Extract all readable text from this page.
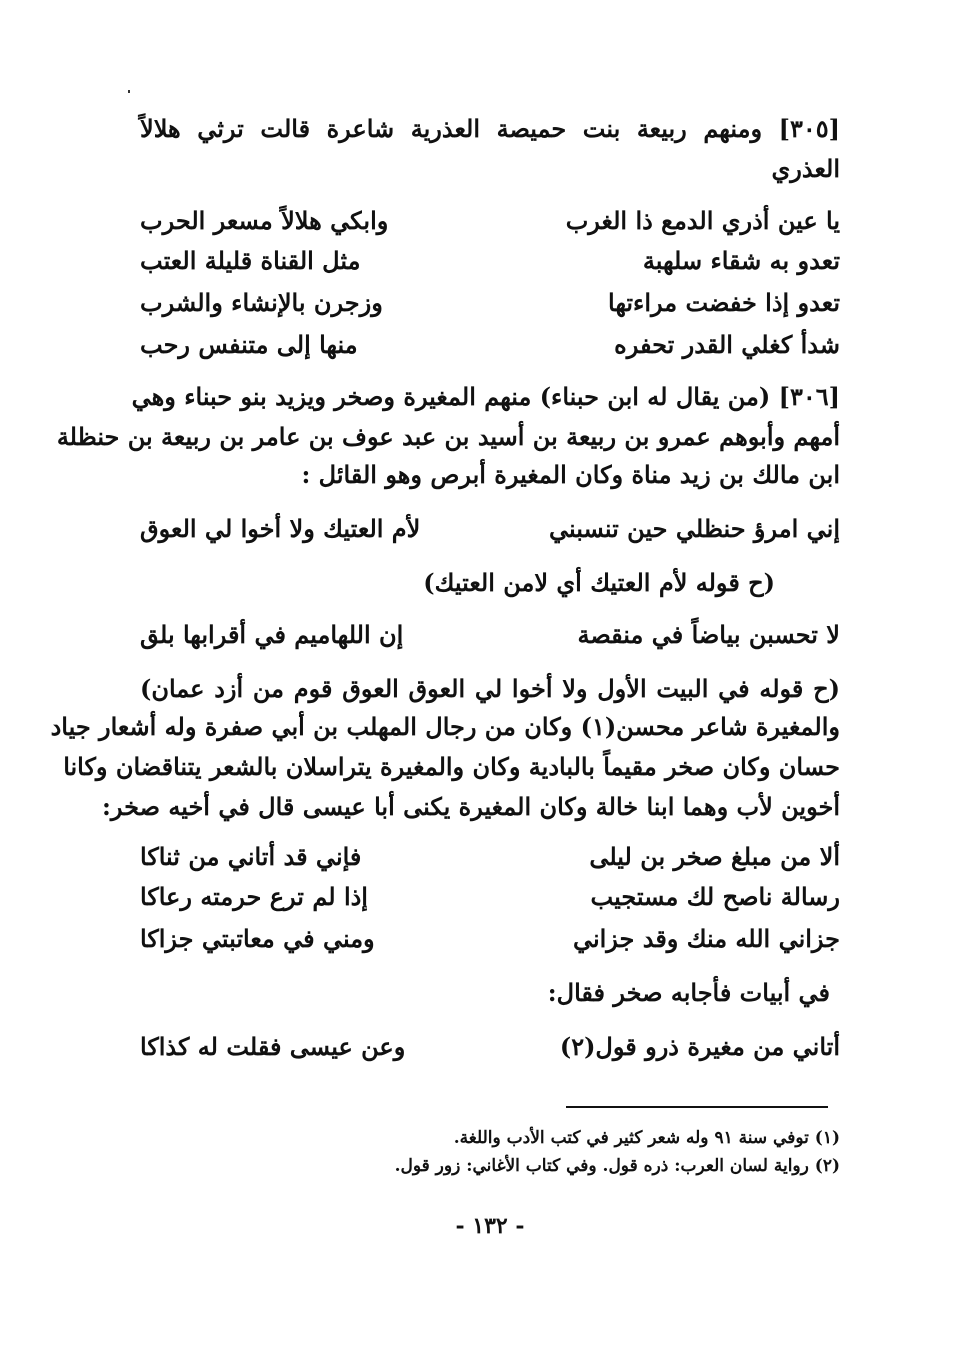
[٣٠٥] ومنهم ربيعة بنت حميصة العذرية شاعرة قالت ترثي هلالاً
العذري
يا عين أذري الدمع ذا الغرب
وابكي هلالاً مسعر الحرب
تعدو به شقاء سلهبة
مثل القناة قليلة العتب
تعدو إذا خفضت مراءتها
وزجرن بالإنشاء والشرب
شدأ كغلي القدر تحفره
منها إلى متنفس رحب
[٣٠٦] (من يقال له ابن حبناء) منهم المغيرة وصخر ويزيد بنو حبناء وهي
أمهم وأبوهم عمرو بن ربيعة بن أسيد بن عبد عوف بن عامر بن ربيعة بن حنظلة
ابن مالك بن زيد مناة وكان المغيرة أبرص وهو القائل :
إني امرؤ حنظلي حين تنسبني
لأم العتيك ولا أخوا لي العوق
(ح قوله لأم العتيك أي لامن العتيك)
لا تحسبن بياضاً في منقصة
إن اللهاميم في أقرابها بلق
(ح قوله في البيت الأول ولا أخوا لي العوق العوق قوم من أزد عمان)
والمغيرة شاعر محسن(١) وكان من رجال المهلب بن أبي صفرة وله أشعار جياد
حسان وكان صخر مقيماً بالبادية وكان والمغيرة يتراسلان بالشعر يتناقضان وكانا
أخوين لأب وهما ابنا خالة وكان المغيرة يكنى أبا عيسى قال في أخيه صخر:
ألا من مبلغ صخر بن ليلى
فإني قد أتاني من ثناكا
رسالة ناصح لك مستجيب
إذا لم ترع حرمته رعاكا
جزاني الله منك وقد جزاني
ومني في معاتبتي جزاكا
في أبيات فأجابه صخر فقال:
أتاني من مغيرة ذرو قول(٢)
وعن عيسى فقلت له كذاكا
(١) توفي سنة ٩١ وله شعر كثير في كتب الأدب واللغة.
(٢) رواية لسان العرب: ذره قول. وفي كتاب الأغاني: زور قول.
- ١٣٢ -
